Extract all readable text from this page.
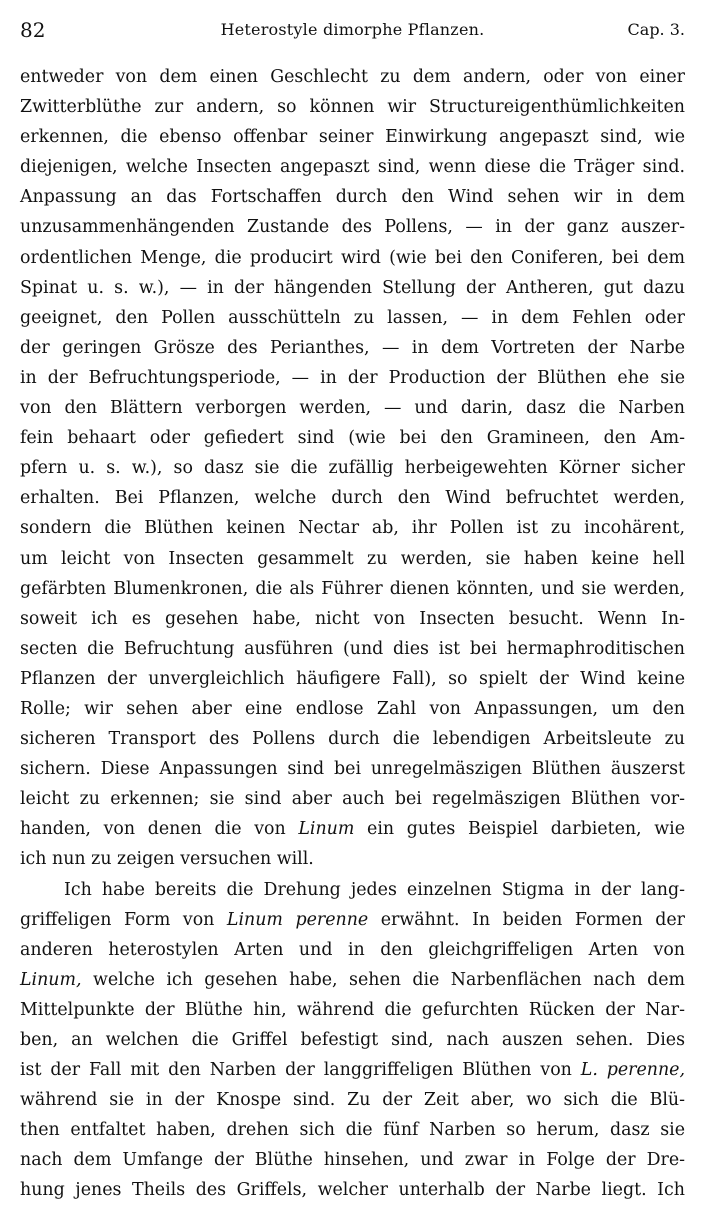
82	Heterostyle dimorphe Pflanzen.	Cap. 3.
entweder von dem einen Geschlecht zu dem andern, oder von einer
Zwitterblüthe zur andern, so können wir Structureigenthümlichkeiten
erkennen, die ebenso offenbar seiner Einwirkung angepaszt sind, wie
diejenigen, welche Insecten angepaszt sind, wenn diese die Träger sind.
Anpassung an das Fortschaffen durch den Wind sehen wir in dem
unzusammenhängenden Zustande des Pollens, — in der ganz auszer-
ordentlichen Menge, die producirt wird (wie bei den Coniferen, bei dem
Spinat u. s. w.), — in der hängenden Stellung der Antheren, gut dazu
geeignet, den Pollen ausschütteln zu lassen, — in dem Fehlen oder
der geringen Grösze des Perianthes, — in dem Vortreten der Narbe
in der Befruchtungsperiode, — in der Production der Blüthen ehe sie
von den Blättern verborgen werden, — und darin, dasz die Narben
fein behaart oder gefiedert sind (wie bei den Gramineen, den Am-
pfern u. s. w.), so dasz sie die zufällig herbeigewehten Körner sicher
erhalten. Bei Pflanzen, welche durch den Wind befruchtet werden,
sondern die Blüthen keinen Nectar ab, ihr Pollen ist zu incohärent,
um leicht von Insecten gesammelt zu werden, sie haben keine hell
gefärbten Blumenkronen, die als Führer dienen könnten, und sie werden,
soweit ich es gesehen habe, nicht von Insecten besucht. Wenn In-
secten die Befruchtung ausführen (und dies ist bei hermaphroditischen
Pflanzen der unvergleichlich häufigere Fall), so spielt der Wind keine
Rolle; wir sehen aber eine endlose Zahl von Anpassungen, um den
sicheren Transport des Pollens durch die lebendigen Arbeitsleute zu
sichern. Diese Anpassungen sind bei unregelmäszigen Blüthen äuszerst
leicht zu erkennen; sie sind aber auch bei regelmäszigen Blüthen vor-
handen, von denen die von Linum ein gutes Beispiel darbieten, wie
ich nun zu zeigen versuchen will.
Ich habe bereits die Drehung jedes einzelnen Stigma in der lang-
griffeligen Form von Linum perenne erwähnt. In beiden Formen der
anderen heterostylen Arten und in den gleichgriffeligen Arten von
Linum, welche ich gesehen habe, sehen die Narbenflächen nach dem
Mittelpunkte der Blüthe hin, während die gefurchten Rücken der Nar-
ben, an welchen die Griffel befestigt sind, nach auszen sehen. Dies
ist der Fall mit den Narben der langgriffeligen Blüthen von L. perenne,
während sie in der Knospe sind. Zu der Zeit aber, wo sich die Blü-
then entfaltet haben, drehen sich die fünf Narben so herum, dasz sie
nach dem Umfange der Blüthe hinsehen, und zwar in Folge der Dre-
hung jenes Theils des Griffels, welcher unterhalb der Narbe liegt. Ich
